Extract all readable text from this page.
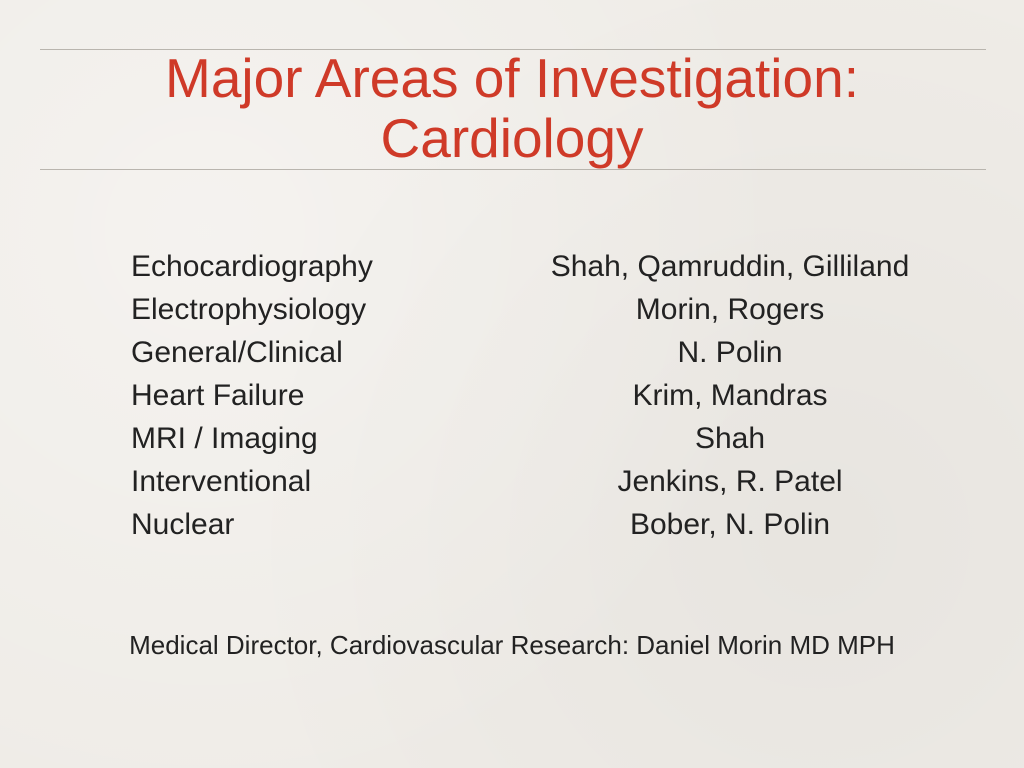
Major Areas of Investigation:
Cardiology
Echocardiography
Electrophysiology
General/Clinical
Heart Failure
MRI / Imaging
Interventional
Nuclear
Shah, Qamruddin, Gilliland
Morin, Rogers
N. Polin
Krim, Mandras
Shah
Jenkins, R. Patel
Bober, N. Polin
Medical Director, Cardiovascular Research: Daniel Morin MD MPH
